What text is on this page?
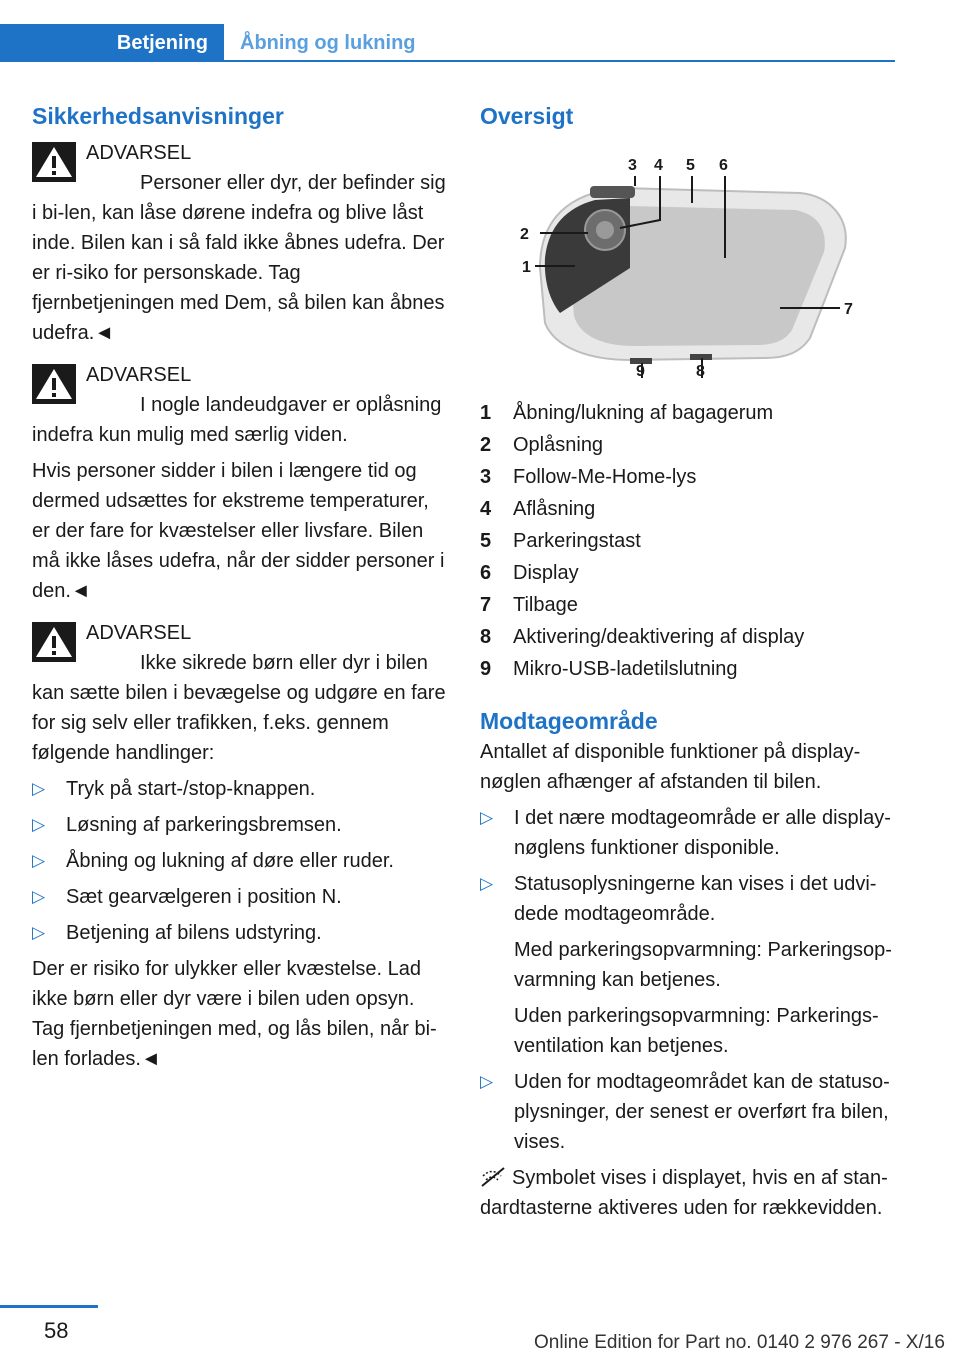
Betjening	Åbning og lukning
Sikkerhedsanvisninger
ADVARSEL
Personer eller dyr, der befinder sig i bi-len, kan låse dørene indefra og blive låst inde. Bilen kan i så fald ikke åbnes udefra. Der er ri-siko for personskade. Tag fjernbetjeningen med Dem, så bilen kan åbnes udefra.◄
ADVARSEL

I nogle landeudgaver er oplåsning indefra kun mulig med særlig viden.

Hvis personer sidder i bilen i længere tid og dermed udsættes for ekstreme temperaturer, er der fare for kvæstelser eller livsfare. Bilen må ikke låses udefra, når der sidder personer i den.◄

ADVARSEL

Ikke sikrede børn eller dyr i bilen kan sætte bilen i bevægelse og udgøre en fare for sig selv eller trafikken, f.eks. gennem følgende handlinger:

▷ Tryk på start-/stop-knappen.
▷ Løsning af parkeringsbremsen.
▷ Åbning og lukning af døre eller ruder.
▷ Sæt gearvælgeren i position N.
▷ Betjening af bilens udstyring.

Der er risiko for ulykker eller kvæstelse. Lad ikke børn eller dyr være i bilen uden opsyn. Tag fjernbetjeningen med, og lås bilen, når bi-len forlades.◄

Oversigt
1
2
3 4 5 6
7
8
9
1	Åbning/lukning af bagagerum
2	Oplåsning
3	Follow-Me-Home-lys
4	Aflåsning
5	Parkeringstast
6	Display
7	Tilbage
8	Aktivering/deaktivering af display
9	Mikro-USB-ladetilslutning
Modtageområde

Antallet af disponible funktioner på display-nøglen afhænger af afstanden til bilen.

▷ I det nære modtageområde er alle display-nøglens funktioner disponible.
▷ Statusoplysningerne kan vises i det udvi-dede modtageområde.

Med parkeringsopvarmning: Parkeringsop-varmning kan betjenes.

Uden parkeringsopvarmning: Parkerings-ventilation kan betjenes.

▷ Uden for modtageområdet kan de statuso-plysninger, der senest er overført fra bilen, vises.

Symbolet vises i displayet, hvis en af stan-dardtasterne aktiveres uden for rækkevidden.

58	Online Edition for Part no. 0140 2 976 267 - X/16
